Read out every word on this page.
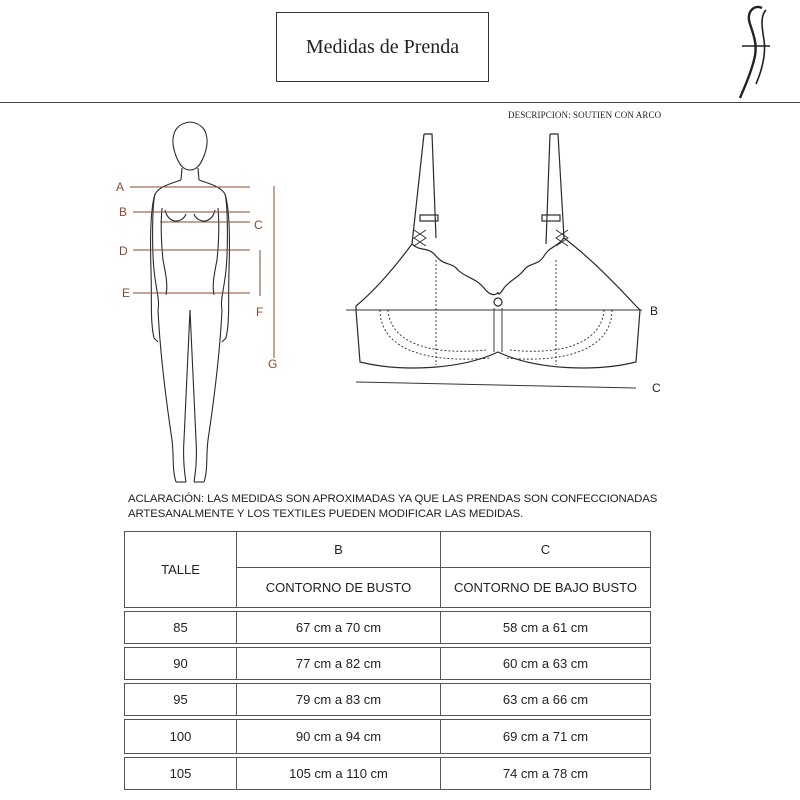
Medidas de Prenda
DESCRIPCION: SOUTIEN CON ARCO
A
B
C
D
E
F
G
B
C
ACLARACIÓN: LAS MEDIDAS SON APROXIMADAS YA QUE LAS PRENDAS SON CONFECCIONADAS ARTESANALMENTE Y LOS TEXTILES PUEDEN MODIFICAR LAS MEDIDAS.
TALLE	B	C
	CONTORNO DE BUSTO	CONTORNO DE BAJO BUSTO

85	67 cm a 70 cm	58 cm a 61 cm

90	77 cm a 82 cm	60 cm a 63 cm

95	79 cm a 83 cm	63 cm a 66 cm

100	90 cm a 94 cm	69 cm a 71 cm

105	105 cm a 110 cm	74 cm a 78 cm
